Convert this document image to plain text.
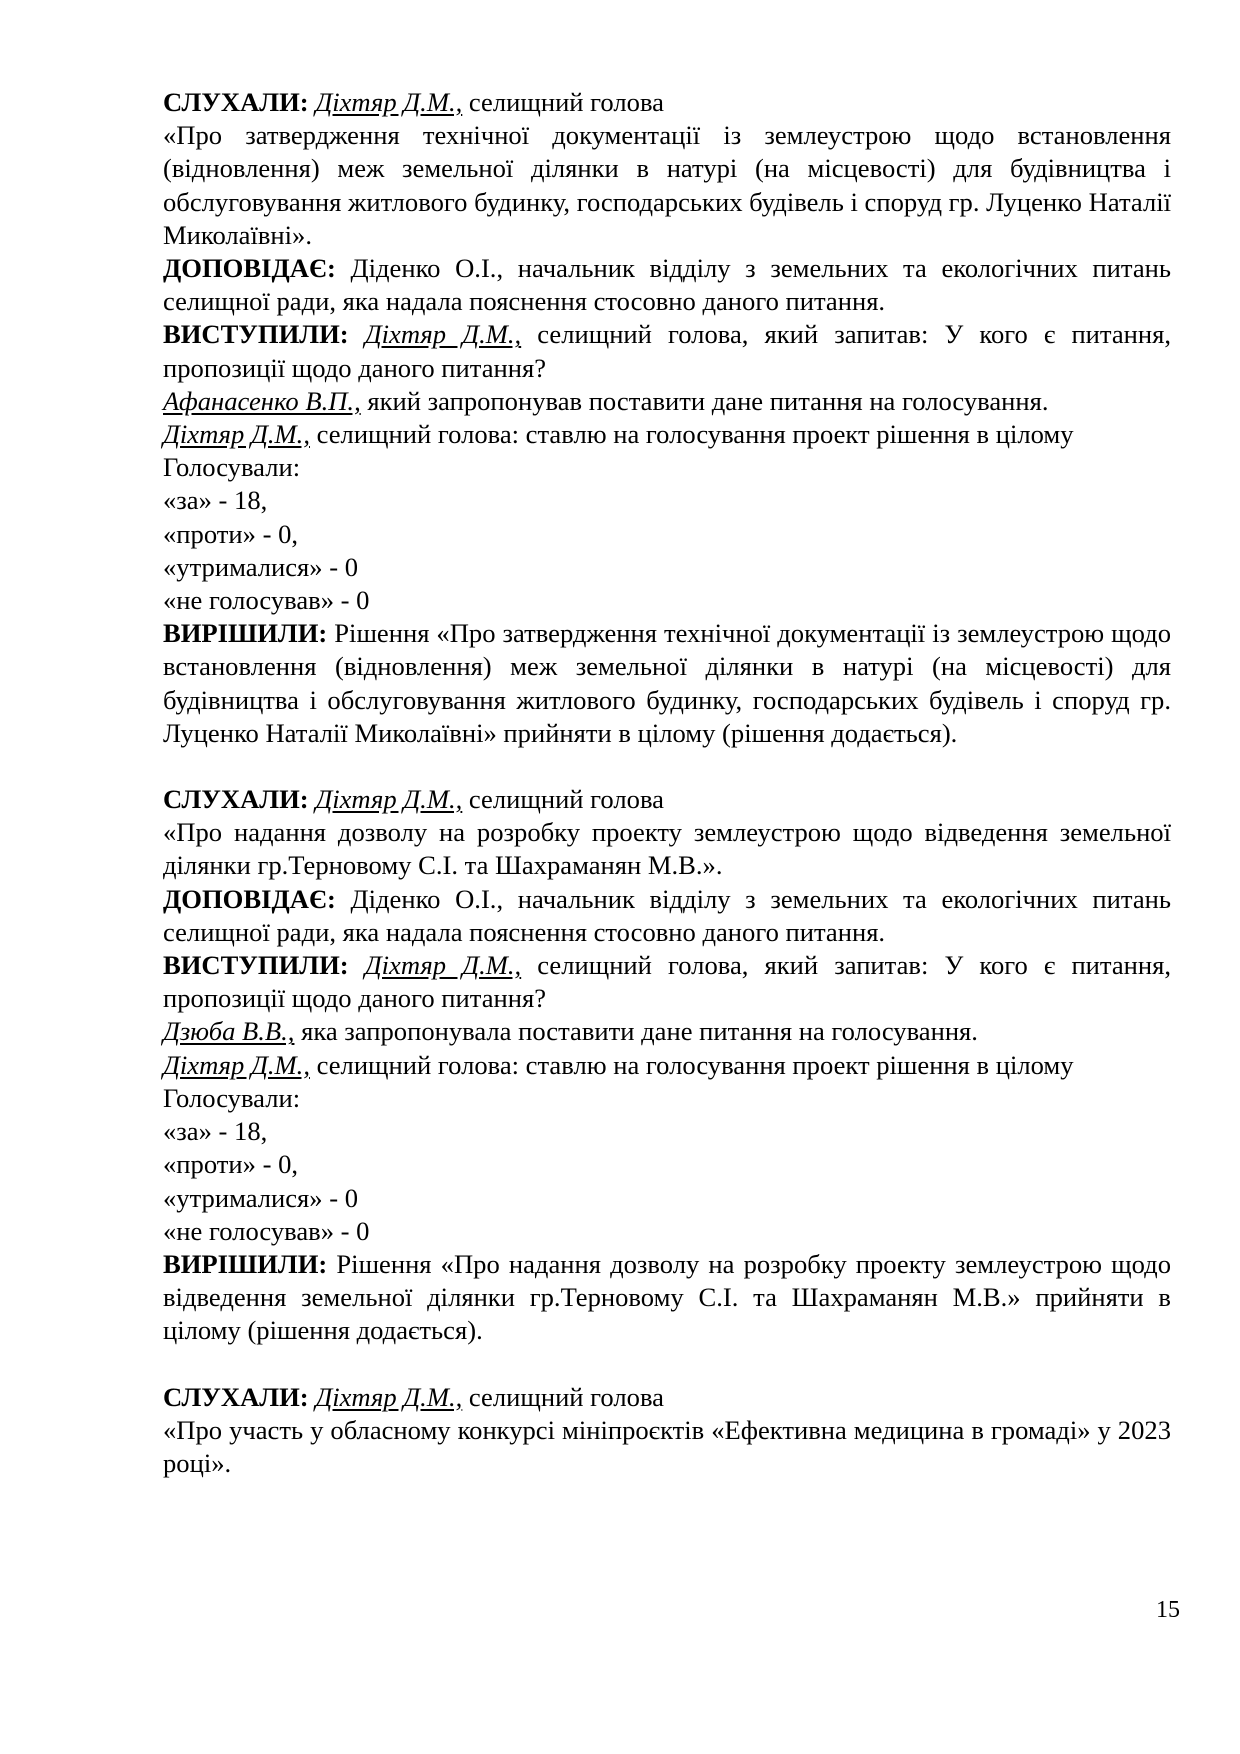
СЛУХАЛИ: Діхтяр Д.М., селищний голова

«Про затвердження технічної документації із землеустрою щодо встановлення (відновлення) меж земельної ділянки в натурі (на місцевості) для будівництва і обслуговування житлового будинку, господарських будівель і споруд гр. Луценко Наталії Миколаївні».

ДОПОВІДАЄ: Діденко О.І., начальник відділу з земельних та екологічних питань селищної ради, яка надала пояснення стосовно даного питання.

ВИСТУПИЛИ: Діхтяр Д.М., селищний голова, який запитав: У кого є питання, пропозиції щодо даного питання?

Афанасенко В.П., який запропонував поставити дане питання на голосування.

Діхтяр Д.М., селищний голова: ставлю на голосування проект рішення в цілому

Голосували:

«за» - 18,

«проти» - 0,

«утрималися» - 0

«не голосував» - 0

ВИРІШИЛИ: Рішення «Про затвердження технічної документації із землеустрою щодо встановлення (відновлення) меж земельної ділянки в натурі (на місцевості) для будівництва і обслуговування житлового будинку, господарських будівель і споруд гр. Луценко Наталії Миколаївні» прийняти в цілому (рішення додається).

СЛУХАЛИ: Діхтяр Д.М., селищний голова

«Про надання дозволу на розробку проекту землеустрою щодо відведення земельної ділянки гр.Терновому С.І. та Шахраманян М.В.».

ДОПОВІДАЄ: Діденко О.І., начальник відділу з земельних та екологічних питань селищної ради, яка надала пояснення стосовно даного питання.

ВИСТУПИЛИ: Діхтяр Д.М., селищний голова, який запитав: У кого є питання, пропозиції щодо даного питання?

Дзюба В.В., яка запропонувала поставити дане питання на голосування.

Діхтяр Д.М., селищний голова: ставлю на голосування проект рішення в цілому

Голосували:

«за» - 18,

«проти» - 0,

«утрималися» - 0

«не голосував» - 0

ВИРІШИЛИ: Рішення «Про надання дозволу на розробку проекту землеустрою щодо відведення земельної ділянки гр.Терновому С.І. та Шахраманян М.В.» прийняти в цілому (рішення додається).

СЛУХАЛИ: Діхтяр Д.М., селищний голова

«Про участь у обласному конкурсі мініпроєктів «Ефективна медицина в громаді» у 2023 році».

15
